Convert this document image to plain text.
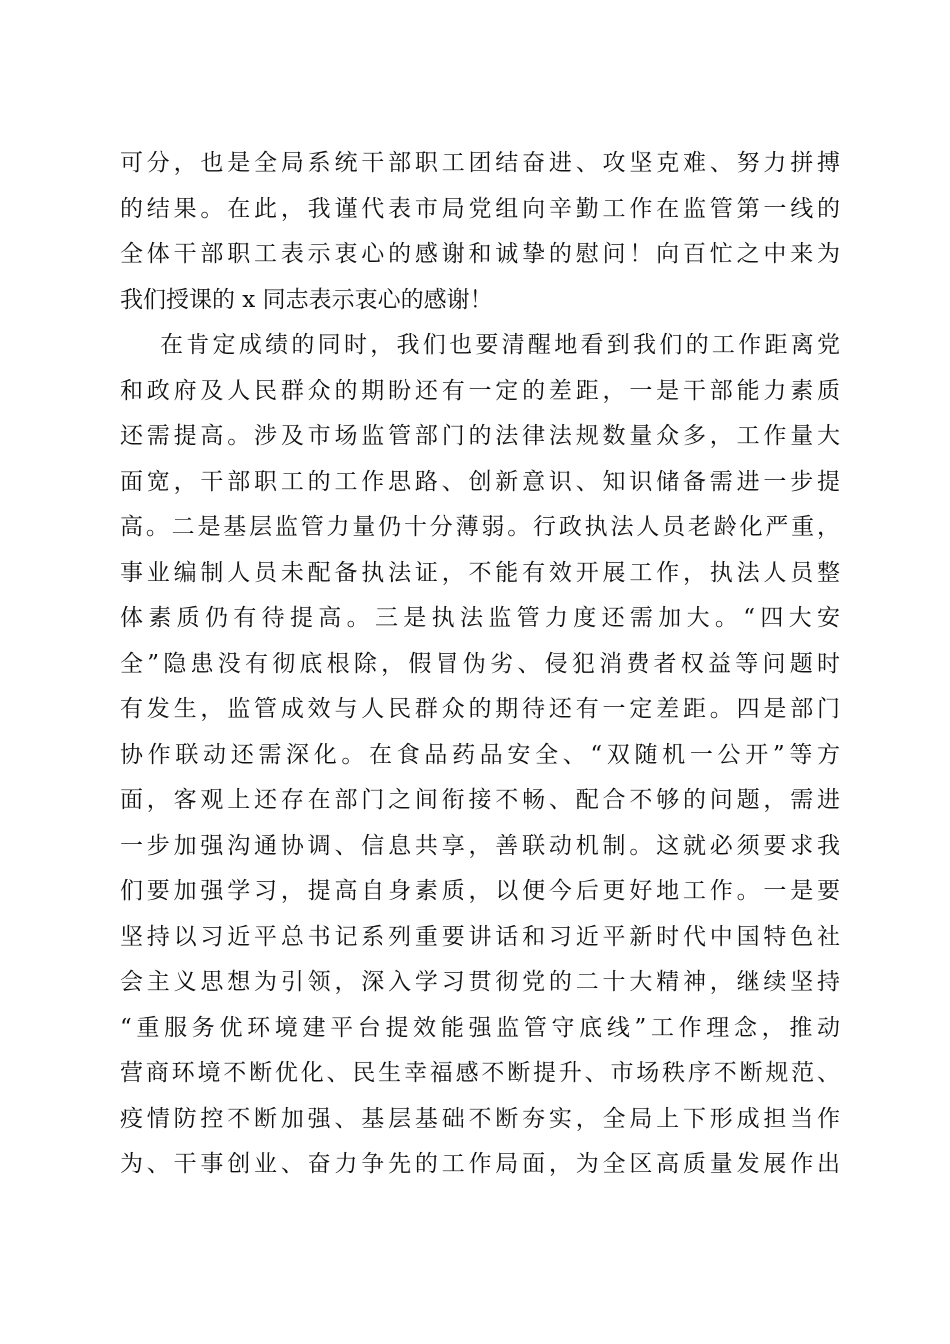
可分，也是全局系统干部职工团结奋进、攻坚克难、努力拼搏
的结果。在此，我谨代表市局党组向辛勤工作在监管第一线的
全体干部职工表示衷心的感谢和诚挚的慰问！向百忙之中来为
我们授课的 x 同志表示衷心的感谢！
在肯定成绩的同时，我们也要清醒地看到我们的工作距离党
和政府及人民群众的期盼还有一定的差距，一是干部能力素质
还需提高。涉及市场监管部门的法律法规数量众多，工作量大
面宽，干部职工的工作思路、创新意识、知识储备需进一步提
高。二是基层监管力量仍十分薄弱。行政执法人员老龄化严重，
事业编制人员未配备执法证，不能有效开展工作，执法人员整
体素质仍有待提高。三是执法监管力度还需加大。“四大安
全”隐患没有彻底根除，假冒伪劣、侵犯消费者权益等问题时
有发生，监管成效与人民群众的期待还有一定差距。四是部门
协作联动还需深化。在食品药品安全、“双随机一公开”等方
面，客观上还存在部门之间衔接不畅、配合不够的问题，需进
一步加强沟通协调、信息共享，善联动机制。这就必须要求我
们要加强学习，提高自身素质，以便今后更好地工作。一是要
坚持以习近平总书记系列重要讲话和习近平新时代中国特色社
会主义思想为引领，深入学习贯彻党的二十大精神，继续坚持
“重服务优环境建平台提效能强监管守底线”工作理念，推动
营商环境不断优化、民生幸福感不断提升、市场秩序不断规范、
疫情防控不断加强、基层基础不断夯实，全局上下形成担当作
为、干事创业、奋力争先的工作局面，为全区高质量发展作出
